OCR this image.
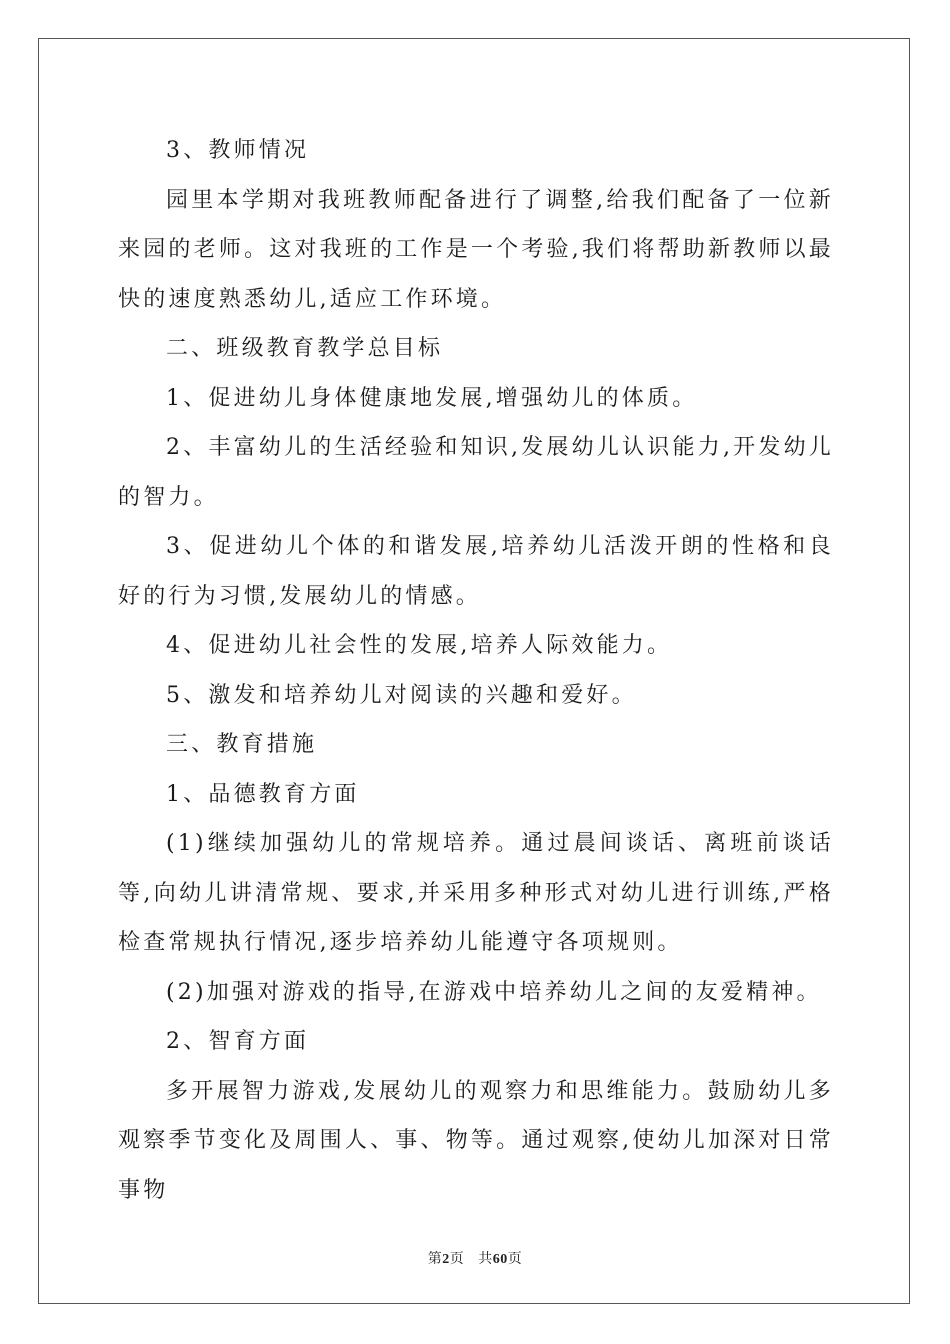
3、教师情况

园里本学期对我班教师配备进行了调整,给我们配备了一位新来园的老师。这对我班的工作是一个考验,我们将帮助新教师以最快的速度熟悉幼儿,适应工作环境。

二、班级教育教学总目标

1、促进幼儿身体健康地发展,增强幼儿的体质。

2、丰富幼儿的生活经验和知识,发展幼儿认识能力,开发幼儿的智力。

3、促进幼儿个体的和谐发展,培养幼儿活泼开朗的性格和良好的行为习惯,发展幼儿的情感。

4、促进幼儿社会性的发展,培养人际效能力。

5、激发和培养幼儿对阅读的兴趣和爱好。

三、教育措施

1、品德教育方面

(1)继续加强幼儿的常规培养。通过晨间谈话、离班前谈话等,向幼儿讲清常规、要求,并采用多种形式对幼儿进行训练,严格检查常规执行情况,逐步培养幼儿能遵守各项规则。

(2)加强对游戏的指导,在游戏中培养幼儿之间的友爱精神。

2、智育方面

多开展智力游戏,发展幼儿的观察力和思维能力。鼓励幼儿多观察季节变化及周围人、事、物等。通过观察,使幼儿加深对日常事物

第2页 共60页
